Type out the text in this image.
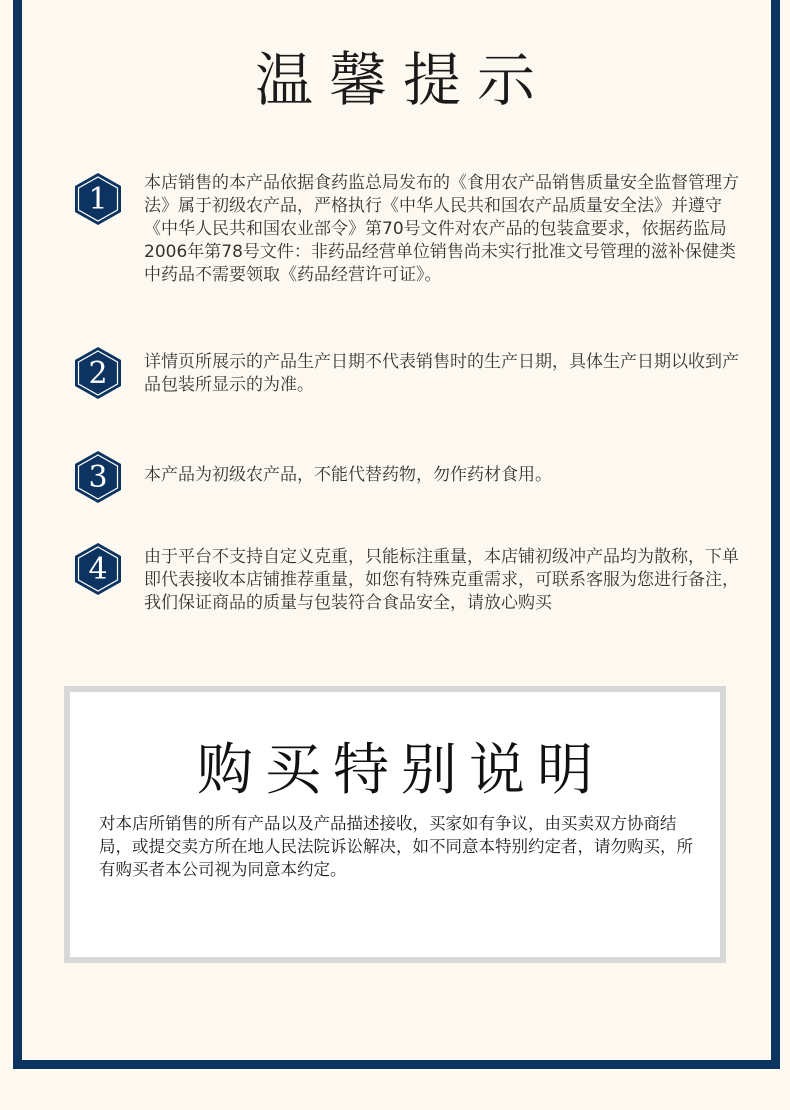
温馨提示
1 本店销售的本产品依据食药监总局发布的《食用农产品销售质量安全监督管理方法》属于初级农产品，严格执行《中华人民共和国农产品质量安全法》并遵守《中华人民共和国农业部令》第70号文件对农产品的包装盒要求，依据药监局2006年第78号文件：非药品经营单位销售尚未实行批准文号管理的滋补保健类中药品不需要领取《药品经营许可证》。
2 详情页所展示的产品生产日期不代表销售时的生产日期，具体生产日期以收到产品包装所显示的为准。
3 本产品为初级农产品，不能代替药物，勿作药材食用。
4 由于平台不支持自定义克重，只能标注重量，本店铺初级冲产品均为散称，下单即代表接收本店铺推荐重量，如您有特殊克重需求，可联系客服为您进行备注，我们保证商品的质量与包装符合食品安全，请放心购买
购买特别说明
对本店所销售的所有产品以及产品描述接收，买家如有争议，由买卖双方协商结局，或提交卖方所在地人民法院诉讼解决，如不同意本特别约定者，请勿购买，所有购买者本公司视为同意本约定。
